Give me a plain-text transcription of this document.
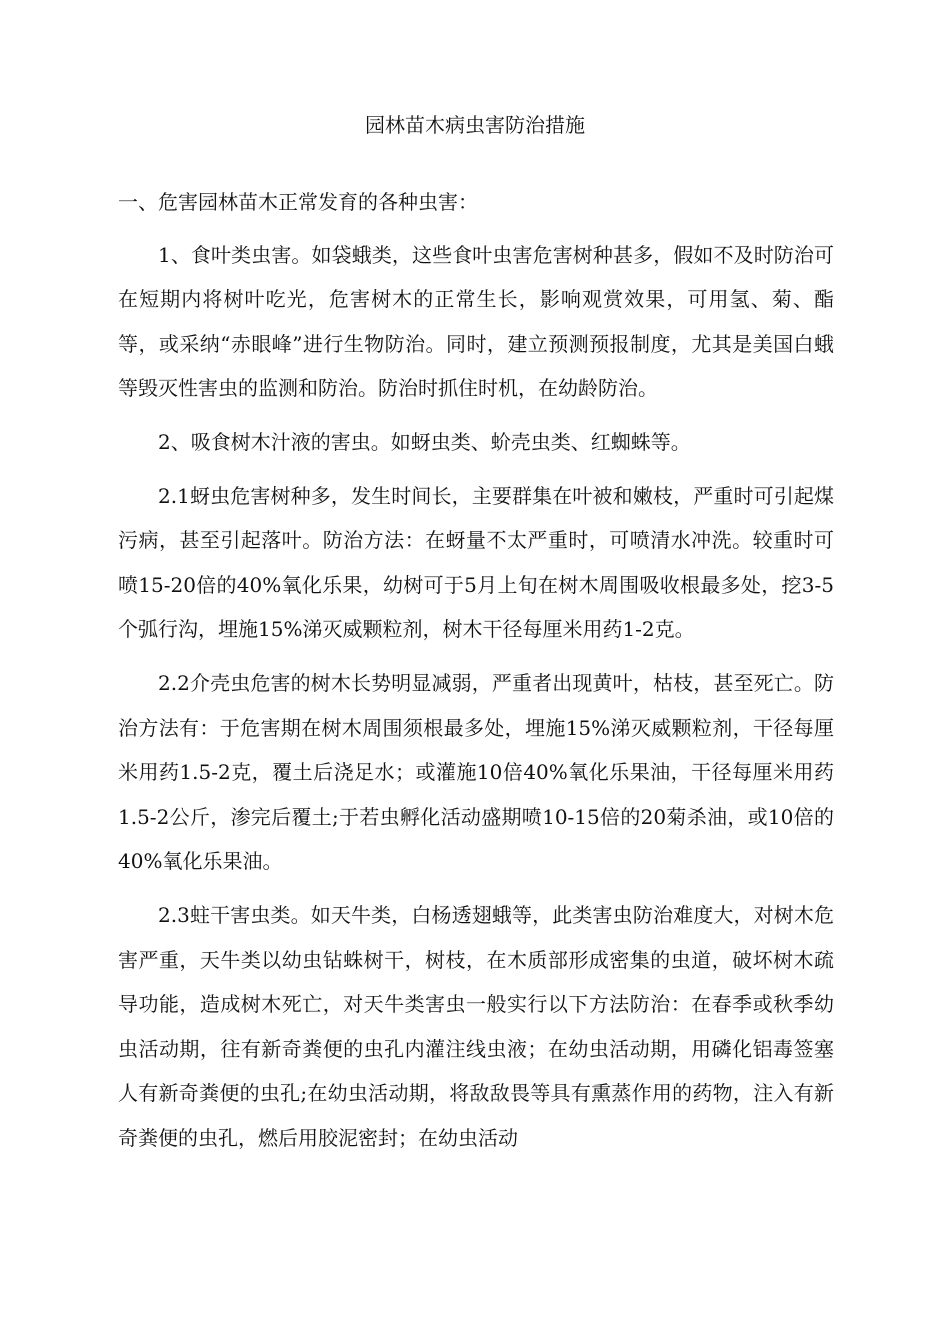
园林苗木病虫害防治措施

一、危害园林苗木正常发育的各种虫害：

1、食叶类虫害。如袋蛾类，这些食叶虫害危害树种甚多，假如不及时防治可在短期内将树叶吃光，危害树木的正常生长，影响观赏效果，可用氢、菊、酯等，或采纳“赤眼峰”进行生物防治。同时，建立预测预报制度，尤其是美国白蛾等毁灭性害虫的监测和防治。防治时抓住时机，在幼龄防治。

2、吸食树木汁液的害虫。如蚜虫类、蚧壳虫类、红蜘蛛等。

2.1蚜虫危害树种多，发生时间长，主要群集在叶被和嫩枝，严重时可引起煤污病，甚至引起落叶。防治方法：在蚜量不太严重时，可喷清水冲洗。较重时可喷15-20倍的40%氧化乐果，幼树可于5月上旬在树木周围吸收根最多处，挖3-5个弧行沟，埋施15%涕灭威颗粒剂，树木干径每厘米用药1-2克。

2.2介壳虫危害的树木长势明显减弱，严重者出现黄叶，枯枝，甚至死亡。防治方法有：于危害期在树木周围须根最多处，埋施15%涕灭威颗粒剂，干径每厘米用药1.5-2克，覆土后浇足水；或灌施10倍40%氧化乐果油，干径每厘米用药1.5-2公斤，渗完后覆土;于若虫孵化活动盛期喷10-15倍的20菊杀油，或10倍的40%氧化乐果油。

2.3蛀干害虫类。如天牛类，白杨透翅蛾等，此类害虫防治难度大，对树木危害严重，天牛类以幼虫钻蛛树干，树枝，在木质部形成密集的虫道，破坏树木疏导功能，造成树木死亡，对天牛类害虫一般实行以下方法防治：在春季或秋季幼虫活动期，往有新奇粪便的虫孔内灌注线虫液；在幼虫活动期，用磷化铝毒签塞人有新奇粪便的虫孔;在幼虫活动期，将敌敌畏等具有熏蒸作用的药物，注入有新奇粪便的虫孔，燃后用胶泥密封；在幼虫活动
